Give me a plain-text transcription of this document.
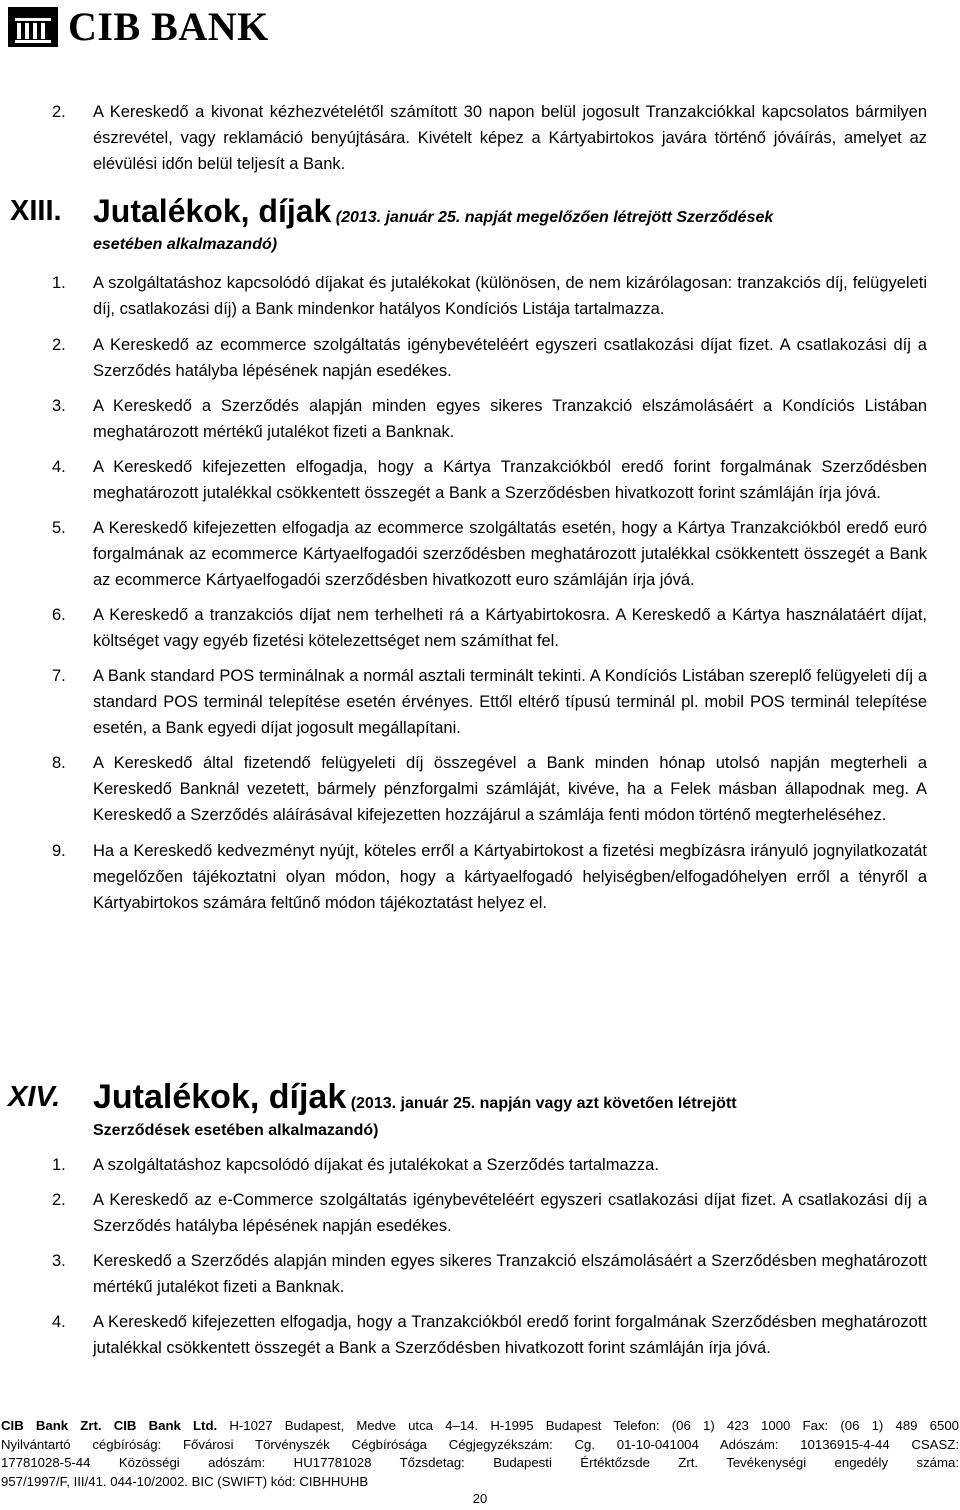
CIB BANK
2. A Kereskedő a kivonat kézhezvételétől számított 30 napon belül jogosult Tranzakciókkal kapcsolatos bármilyen észrevétel, vagy reklamáció benyújtására. Kivételt képez a Kártyabirtokos javára történő jóváírás, amelyet az elévülési időn belül teljesít a Bank.
XIII. Jutalékok, díjak (2013. január 25. napját megelőzően létrejött Szerződések
esetében alkalmazandó)
1. A szolgáltatáshoz kapcsolódó díjakat és jutalékokat (különösen, de nem kizárólagosan: tranzakciós díj, felügyeleti díj, csatlakozási díj) a Bank mindenkor hatályos Kondíciós Listája tartalmazza.
2. A Kereskedő az ecommerce szolgáltatás igénybevételéért egyszeri csatlakozási díjat fizet. A csatlakozási díj a Szerződés hatályba lépésének napján esedékes.
3. A Kereskedő a Szerződés alapján minden egyes sikeres Tranzakció elszámolásáért a Kondíciós Listában meghatározott mértékű jutalékot fizeti a Banknak.
4. A Kereskedő kifejezetten elfogadja, hogy a Kártya Tranzakciókból eredő forint forgalmának Szerződésben meghatározott jutalékkal csökkentett összegét a Bank a Szerződésben hivatkozott forint számláján írja jóvá.
5. A Kereskedő kifejezetten elfogadja az ecommerce szolgáltatás esetén, hogy a Kártya Tranzakciókból eredő euró forgalmának az ecommerce Kártyaelfogadói szerződésben meghatározott jutalékkal csökkentett összegét a Bank az ecommerce Kártyaelfogadói szerződésben hivatkozott euro számláján írja jóvá.
6. A Kereskedő a tranzakciós díjat nem terhelheti rá a Kártyabirtokosra. A Kereskedő a Kártya használatáért díjat, költséget vagy egyéb fizetési kötelezettséget nem számíthat fel.
7. A Bank standard POS terminálnak a normál asztali terminált tekinti. A Kondíciós Listában szereplő felügyeleti díj a standard POS terminál telepítése esetén érvényes. Ettől eltérő típusú terminál pl. mobil POS terminál telepítése esetén, a Bank egyedi díjat jogosult megállapítani.
8. A Kereskedő által fizetendő felügyeleti díj összegével a Bank minden hónap utolsó napján megterheli a Kereskedő Banknál vezetett, bármely pénzforgalmi számláját, kivéve, ha a Felek másban állapodnak meg. A Kereskedő a Szerződés aláírásával kifejezetten hozzájárul a számlája fenti módon történő megterheléséhez.
9. Ha a Kereskedő kedvezményt nyújt, köteles erről a Kártyabirtokost a fizetési megbízásra irányuló jognyilatkozatát megelőzően tájékoztatni olyan módon, hogy a kártyaelfogadó helyiségben/elfogadóhelyen erről a tényről a Kártyabirtokos számára feltűnő módon tájékoztatást helyez el.
XIV. Jutalékok, díjak (2013. január 25. napján vagy azt követően létrejött
Szerződések esetében alkalmazandó)
1. A szolgáltatáshoz kapcsolódó díjakat és jutalékokat a Szerződés tartalmazza.
2. A Kereskedő az e-Commerce szolgáltatás igénybevételéért egyszeri csatlakozási díjat fizet. A csatlakozási díj a Szerződés hatályba lépésének napján esedékes.
3. Kereskedő a Szerződés alapján minden egyes sikeres Tranzakció elszámolásáért a Szerződésben meghatározott mértékű jutalékot fizeti a Banknak.
4. A Kereskedő kifejezetten elfogadja, hogy a Tranzakciókból eredő forint forgalmának Szerződésben meghatározott jutalékkal csökkentett összegét a Bank a Szerződésben hivatkozott forint számláján írja jóvá.
CIB Bank Zrt. CIB Bank Ltd. H-1027 Budapest, Medve utca 4–14. H-1995 Budapest Telefon: (06 1) 423 1000 Fax: (06 1) 489 6500
Nyilvántartó cégbíróság: Fővárosi Törvényszék Cégbírósága Cégjegyzékszám: Cg. 01-10-041004 Adószám: 10136915-4-44 CSASZ:
17781028-5-44 Közösségi adószám: HU17781028 Tőzsdetag: Budapesti Értéktőzsde Zrt. Tevékenységi engedély száma:
957/1997/F, III/41. 044-10/2002. BIC (SWIFT) kód: CIBHHUHB
20
